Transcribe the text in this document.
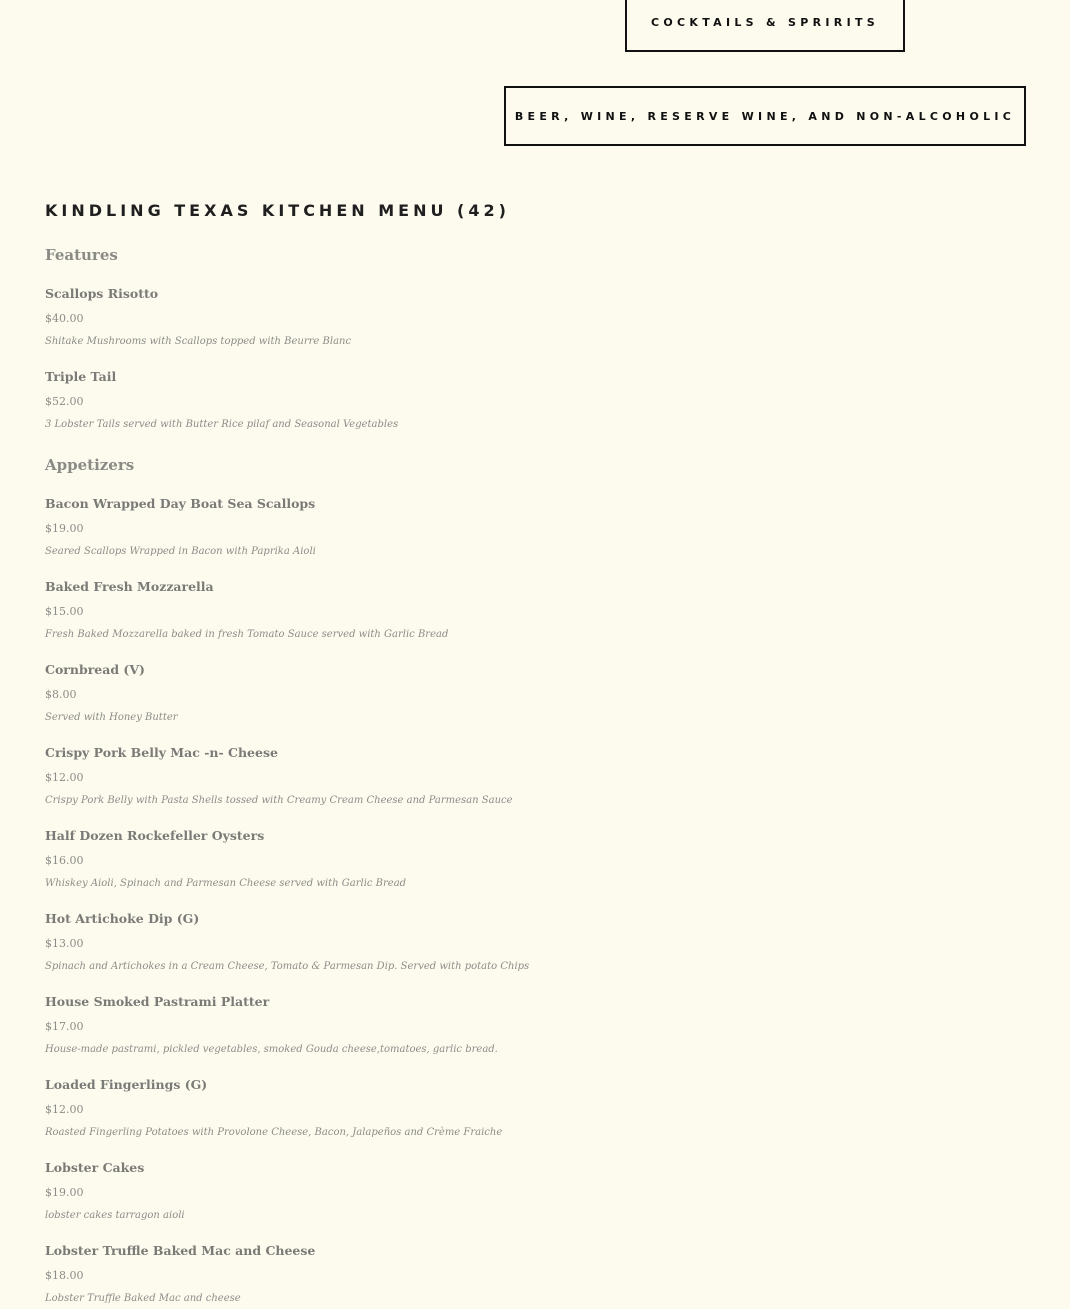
COCKTAILS & SPRIRITS
BEER, WINE, RESERVE WINE, AND NON-ALCOHOLIC
KINDLING TEXAS KITCHEN MENU (42)
Features
Scallops Risotto
$40.00
Shitake Mushrooms with Scallops topped with Beurre Blanc
Triple Tail
$52.00
3 Lobster Tails served with Butter Rice pilaf and Seasonal Vegetables
Appetizers
Bacon Wrapped Day Boat Sea Scallops
$19.00
Seared Scallops Wrapped in Bacon with Paprika Aioli
Baked Fresh Mozzarella
$15.00
Fresh Baked Mozzarella baked in fresh Tomato Sauce served with Garlic Bread
Cornbread (V)
$8.00
Served with Honey Butter
Crispy Pork Belly Mac -n- Cheese
$12.00
Crispy Pork Belly with Pasta Shells tossed with Creamy Cream Cheese and Parmesan Sauce
Half Dozen Rockefeller Oysters
$16.00
Whiskey Aioli, Spinach and Parmesan Cheese served with Garlic Bread
Hot Artichoke Dip (G)
$13.00
Spinach and Artichokes in a Cream Cheese, Tomato & Parmesan Dip. Served with potato Chips
House Smoked Pastrami Platter
$17.00
House-made pastrami, pickled vegetables, smoked Gouda cheese,tomatoes, garlic bread.
Loaded Fingerlings (G)
$12.00
Roasted Fingerling Potatoes with Provolone Cheese, Bacon, Jalapeños and Crème Fraiche
Lobster Cakes
$19.00
lobster cakes tarragon aioli
Lobster Truffle Baked Mac and Cheese
$18.00
Lobster Truffle Baked Mac and cheese
